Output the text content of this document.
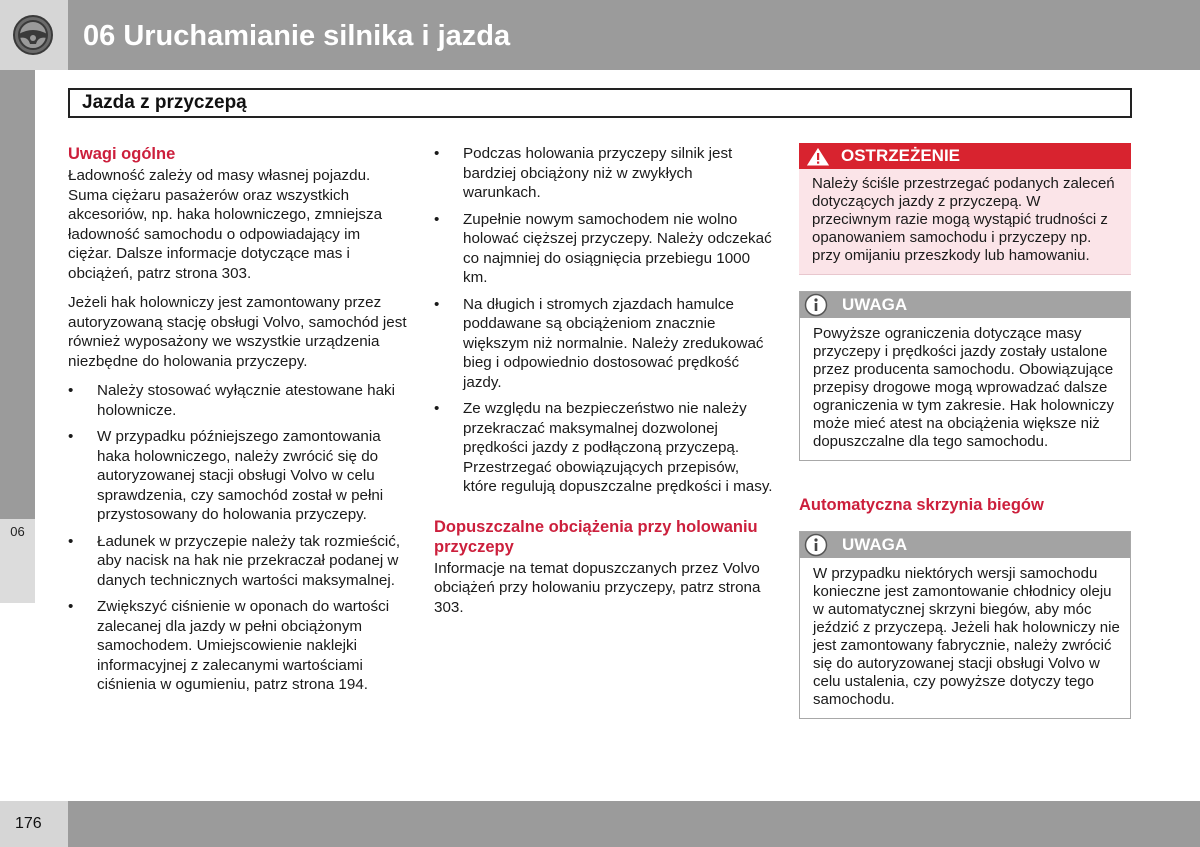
06 Uruchamianie silnika i jazda
06
Jazda z przyczepą
Uwagi ogólne

Ładowność zależy od masy własnej pojazdu. Suma ciężaru pasażerów oraz wszystkich akcesoriów, np. haka holowniczego, zmniejsza ładowność samochodu o odpowiadający im ciężar. Dalsze informacje dotyczące mas i obciążeń, patrz strona 303.

Jeżeli hak holowniczy jest zamontowany przez autoryzowaną stację obsługi Volvo, samochód jest również wyposażony we wszystkie urządzenia niezbędne do holowania przyczepy.

• Należy stosować wyłącznie atestowane haki holownicze.
• W przypadku późniejszego zamontowania haka holowniczego, należy zwrócić się do autoryzowanej stacji obsługi Volvo w celu sprawdzenia, czy samochód został w pełni przystosowany do holowania przyczepy.
• Ładunek w przyczepie należy tak rozmieścić, aby nacisk na hak nie przekraczał podanej w danych technicznych wartości maksymalnej.
• Zwiększyć ciśnienie w oponach do wartości zalecanej dla jazdy w pełni obciążonym samochodem. Umiejscowienie naklejki informacyjnej z zalecanymi wartościami ciśnienia w ogumieniu, patrz strona 194.
• Podczas holowania przyczepy silnik jest bardziej obciążony niż w zwykłych warunkach.
• Zupełnie nowym samochodem nie wolno holować cięższej przyczepy. Należy odczekać co najmniej do osiągnięcia przebiegu 1000 km.
• Na długich i stromych zjazdach hamulce poddawane są obciążeniom znacznie większym niż normalnie. Należy zredukować bieg i odpowiednio dostosować prędkość jazdy.
• Ze względu na bezpieczeństwo nie należy przekraczać maksymalnej dozwolonej prędkości jazdy z podłączoną przyczepą. Przestrzegać obowiązujących przepisów, które regulują dopuszczalne prędkości i masy.
Dopuszczalne obciążenia przy holowaniu przyczepy

Informacje na temat dopuszczanych przez Volvo obciążeń przy holowaniu przyczepy, patrz strona 303.

OSTRZEŻENIE
Należy ściśle przestrzegać podanych zaleceń dotyczących jazdy z przyczepą. W przeciwnym razie mogą wystąpić trudności z opanowaniem samochodu i przyczepy np. przy omijaniu przeszkody lub hamowaniu.
UWAGA
Powyższe ograniczenia dotyczące masy przyczepy i prędkości jazdy zostały ustalone przez producenta samochodu. Obowiązujące przepisy drogowe mogą wprowadzać dalsze ograniczenia w tym zakresie. Hak holowniczy może mieć atest na obciążenia większe niż dopuszczalne dla tego samochodu.
Automatyczna skrzynia biegów
UWAGA
W przypadku niektórych wersji samochodu konieczne jest zamontowanie chłodnicy oleju w automatycznej skrzyni biegów, aby móc jeździć z przyczepą. Jeżeli hak holowniczy nie jest zamontowany fabrycznie, należy zwrócić się do autoryzowanej stacji obsługi Volvo w celu ustalenia, czy powyższe dotyczy tego samochodu.
176
